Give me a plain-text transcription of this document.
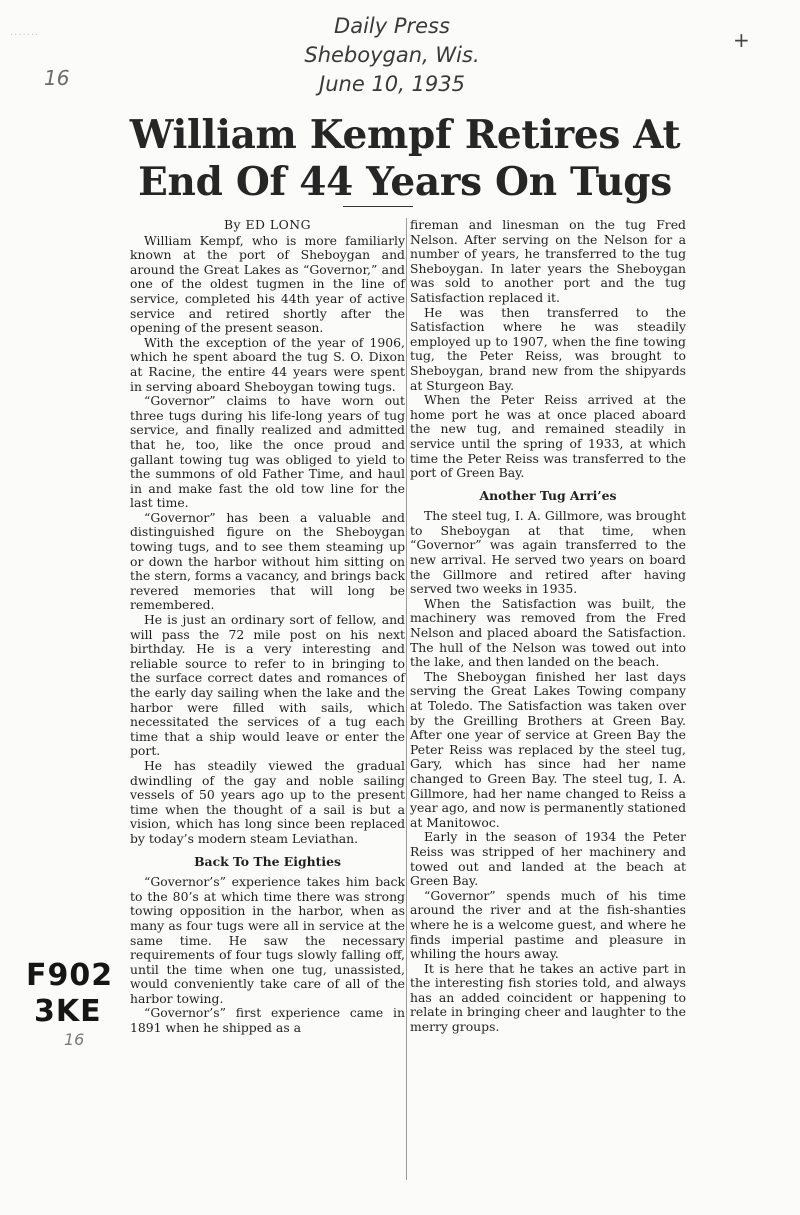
·······	Daily Press
Sheboygan, Wis.
June 10, 1935
16
+
F902
3KE
16
William Kempf Retires At End Of 44 Years On Tugs

By ED LONG

William Kempf, who is more familiarly known at the port of Sheboygan and around the Great Lakes as “Governor,” and one of the oldest tugmen in the line of service, completed his 44th year of active service and retired shortly after the opening of the present season.

With the exception of the year of 1906, which he spent aboard the tug S. O. Dixon at Racine, the entire 44 years were spent in serving aboard Sheboygan towing tugs.

“Governor” claims to have worn out three tugs during his life-long years of tug service, and finally realized and admitted that he, too, like the once proud and gallant towing tug was obliged to yield to the summons of old Father Time, and haul in and make fast the old tow line for the last time.

“Governor” has been a valuable and distinguished figure on the Sheboygan towing tugs, and to see them steaming up or down the harbor without him sitting on the stern, forms a vacancy, and brings back revered memories that will long be remembered.

He is just an ordinary sort of fellow, and will pass the 72 mile post on his next birthday. He is a very interesting and reliable source to refer to in bringing to the surface correct dates and romances of the early day sailing when the lake and the harbor were filled with sails, which necessitated the services of a tug each time that a ship would leave or enter the port.

He has steadily viewed the gradual dwindling of the gay and noble sailing vessels of 50 years ago up to the present time when the thought of a sail is but a vision, which has long since been replaced by today’s modern steam Leviathan.

Back To The Eighties

“Governor’s” experience takes him back to the 80’s at which time there was strong towing opposition in the harbor, when as many as four tugs were all in service at the same time. He saw the necessary requirements of four tugs slowly falling off, until the time when one tug, unassisted, would conveniently take care of all of the harbor towing.

“Governor’s” first experience came in 1891 when he shipped as a

fireman and linesman on the tug Fred Nelson. After serving on the Nelson for a number of years, he transferred to the tug Sheboygan. In later years the Sheboygan was sold to another port and the tug Satisfaction replaced it.

He was then transferred to the Satisfaction where he was steadily employed up to 1907, when the fine towing tug, the Peter Reiss, was brought to Sheboygan, brand new from the shipyards at Sturgeon Bay.

When the Peter Reiss arrived at the home port he was at once placed aboard the new tug, and remained steadily in service until the spring of 1933, at which time the Peter Reiss was transferred to the port of Green Bay.

Another Tug Arri’es

The steel tug, I. A. Gillmore, was brought to Sheboygan at that time, when “Governor” was again transferred to the new arrival. He served two years on board the Gillmore and retired after having served two weeks in 1935.

When the Satisfaction was built, the machinery was removed from the Fred Nelson and placed aboard the Satisfaction. The hull of the Nelson was towed out into the lake, and then landed on the beach.

The Sheboygan finished her last days serving the Great Lakes Towing company at Toledo. The Satisfaction was taken over by the Greilling Brothers at Green Bay. After one year of service at Green Bay the Peter Reiss was replaced by the steel tug, Gary, which has since had her name changed to Green Bay. The steel tug, I. A. Gillmore, had her name changed to Reiss a year ago, and now is permanently stationed at Manitowoc.

Early in the season of 1934 the Peter Reiss was stripped of her machinery and towed out and landed at the beach at Green Bay.

“Governor” spends much of his time around the river and at the fish-shanties where he is a welcome guest, and where he finds imperial pastime and pleasure in whiling the hours away.

It is here that he takes an active part in the interesting fish stories told, and always has an added coincident or happening to relate in bringing cheer and laughter to the merry groups.
